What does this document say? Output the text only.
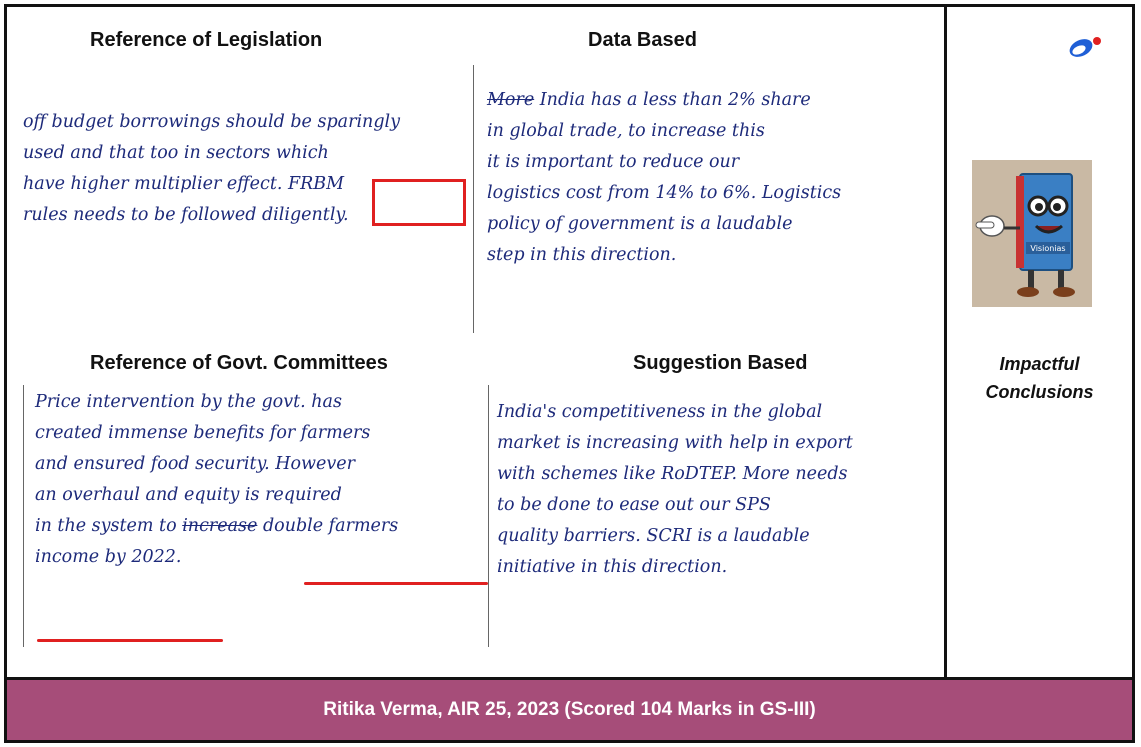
Reference of Legislation
off budget borrowings should be sparingly
used and that too in sectors which
have higher multiplier effect. FRBM
rules needs to be followed diligently.
Data Based
More India has a less than 2% share
in global trade, to increase this
it is important to reduce our
logistics cost from 14% to 6%. Logistics
policy of government is a laudable
step in this direction.
Reference of Govt. Committees
Price intervention by the govt. has
created immense benefits for farmers
and ensured food security. However
an overhaul and equity is required
in the system to increase double farmers
income by 2022.
Suggestion Based
India's competitiveness in the global
market is increasing with help in export
with schemes like RoDTEP. More needs
to be done to ease out our SPS
quality barriers. SCRI is a laudable
initiative in this direction.
Visionias
Impactful
Conclusions
Ritika Verma, AIR 25, 2023 (Scored 104 Marks in GS-III)
